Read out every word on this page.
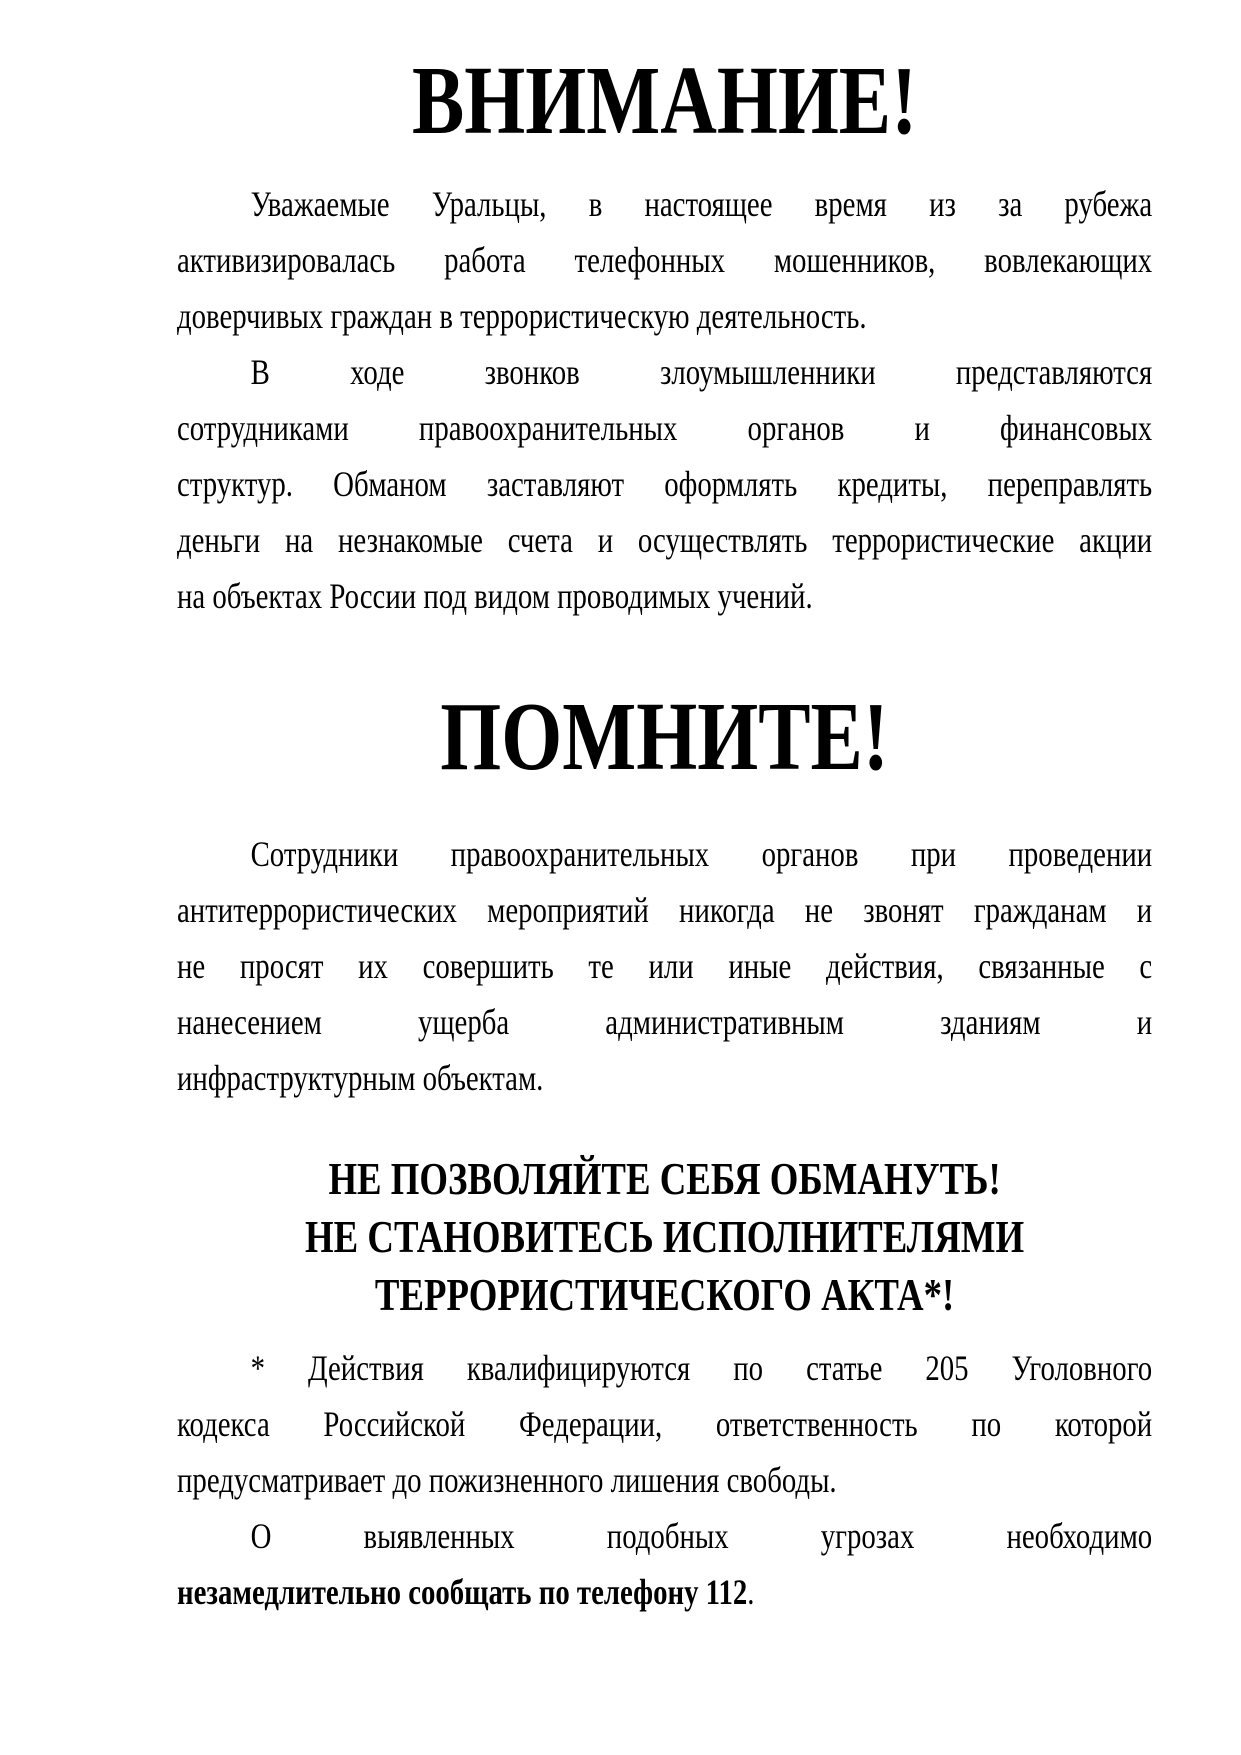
ВНИМАНИЕ!
Уважаемые Уральцы, в настоящее время из за рубежа
активизировалась работа телефонных мошенников, вовлекающих
доверчивых граждан в террористическую деятельность.
В ходе звонков злоумышленники представляются
сотрудниками правоохранительных органов и финансовых
структур. Обманом заставляют оформлять кредиты, переправлять
деньги на незнакомые счета и осуществлять террористические акции
на объектах России под видом проводимых учений.
ПОМНИТЕ!
Сотрудники правоохранительных органов при проведении
антитеррористических мероприятий никогда не звонят гражданам и
не просят их совершить те или иные действия, связанные с
нанесением ущерба административным зданиям и
инфраструктурным объектам.
НЕ ПОЗВОЛЯЙТЕ СЕБЯ ОБМАНУТЬ!
НЕ СТАНОВИТЕСЬ ИСПОЛНИТЕЛЯМИ
ТЕРРОРИСТИЧЕСКОГО АКТА*!
* Действия квалифицируются по статье 205 Уголовного
кодекса Российской Федерации, ответственность по которой
предусматривает до пожизненного лишения свободы.
О выявленных подобных угрозах необходимо
незамедлительно сообщать по телефону 112.
